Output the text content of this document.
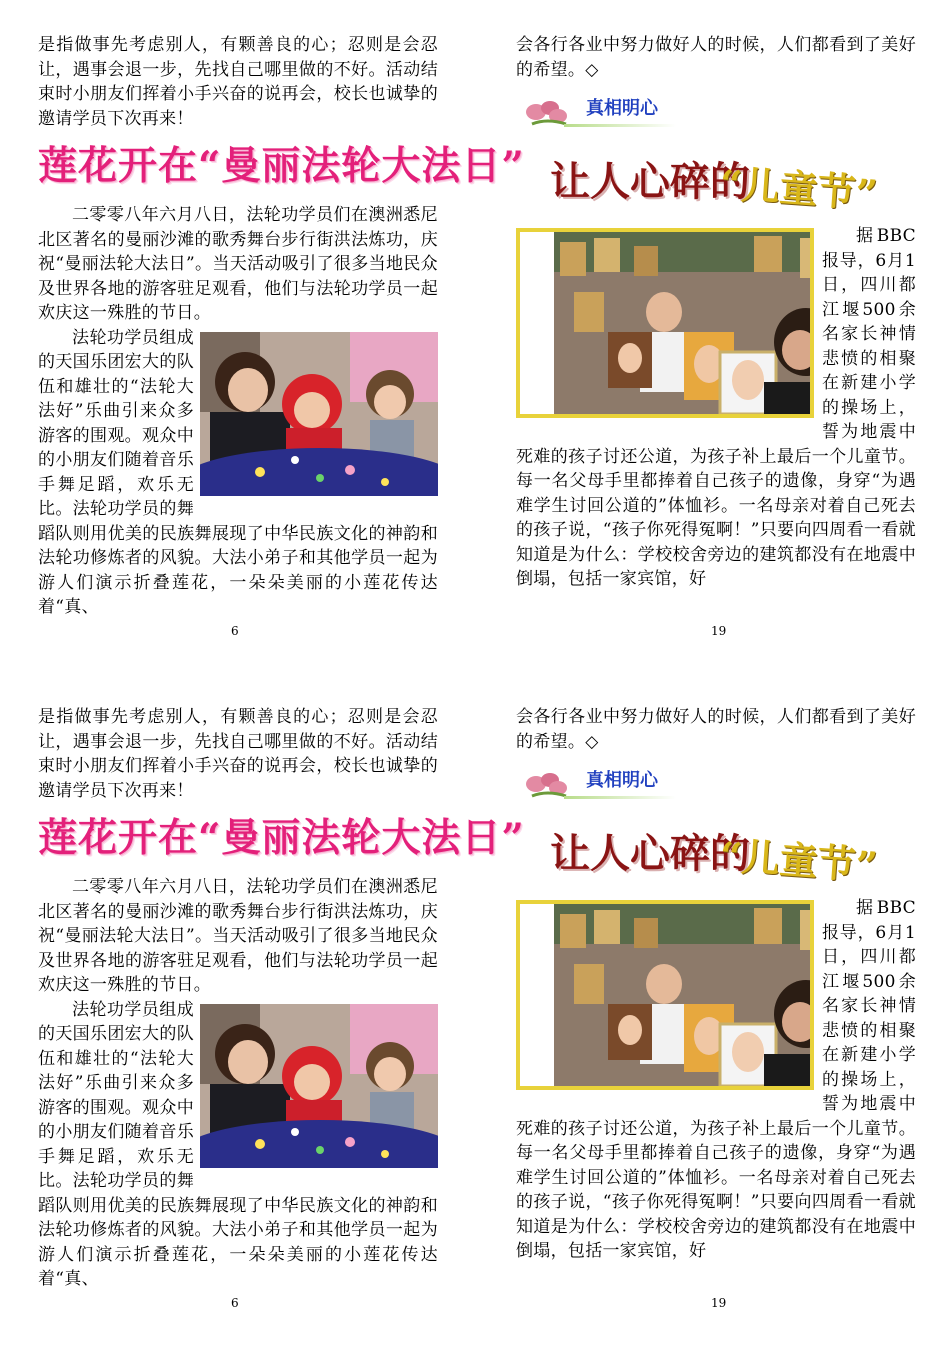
是指做事先考虑别人，有颗善良的心；忍则是会忍让，遇事会退一步，先找自己哪里做的不好。活动结束时小朋友们挥着小手兴奋的说再会，校长也诚挚的邀请学员下次再来！

莲花开在“曼丽法轮大法日”

二零零八年六月八日，法轮功学员们在澳洲悉尼北区著名的曼丽沙滩的歌秀舞台步行街洪法炼功，庆祝“曼丽法轮大法日”。当天活动吸引了很多当地民众及世界各地的游客驻足观看，他们与法轮功学员一起欢庆这一殊胜的节日。

法轮功学员组成的天国乐团宏大的队伍和雄壮的“法轮大法好”乐曲引来众多游客的围观。观众中的小朋友们随着音乐手舞足蹈，欢乐无比。法轮功学员的舞蹈队则用优美的民族舞展现了中华民族文化的神韵和法轮功修炼者的风貌。大法小弟子和其他学员一起为游人们演示折叠莲花，一朵朵美丽的小莲花传达着“真、

6

会各行各业中努力做好人的时候，人们都看到了美好的希望。◇

真相明心
让人心碎的
“儿童节”

据BBC报导，6月1日，四川都江堰500余名家长神情悲愤的相聚在新建小学的操场上，誓为地震中死难的孩子讨还公道，为孩子补上最后一个儿童节。每一名父母手里都捧着自己孩子的遗像，身穿“为遇难学生讨回公道的”体恤衫。一名母亲对着自己死去的孩子说，“孩子你死得冤啊！”只要向四周看一看就知道是为什么：学校校舍旁边的建筑都没有在地震中倒塌，包括一家宾馆，好

19

是指做事先考虑别人，有颗善良的心；忍则是会忍让，遇事会退一步，先找自己哪里做的不好。活动结束时小朋友们挥着小手兴奋的说再会，校长也诚挚的邀请学员下次再来！

莲花开在“曼丽法轮大法日”

二零零八年六月八日，法轮功学员们在澳洲悉尼北区著名的曼丽沙滩的歌秀舞台步行街洪法炼功，庆祝“曼丽法轮大法日”。当天活动吸引了很多当地民众及世界各地的游客驻足观看，他们与法轮功学员一起欢庆这一殊胜的节日。

法轮功学员组成的天国乐团宏大的队伍和雄壮的“法轮大法好”乐曲引来众多游客的围观。观众中的小朋友们随着音乐手舞足蹈，欢乐无比。法轮功学员的舞蹈队则用优美的民族舞展现了中华民族文化的神韵和法轮功修炼者的风貌。大法小弟子和其他学员一起为游人们演示折叠莲花，一朵朵美丽的小莲花传达着“真、

6

会各行各业中努力做好人的时候，人们都看到了美好的希望。◇

真相明心
让人心碎的
“儿童节”

据BBC报导，6月1日，四川都江堰500余名家长神情悲愤的相聚在新建小学的操场上，誓为地震中死难的孩子讨还公道，为孩子补上最后一个儿童节。每一名父母手里都捧着自己孩子的遗像，身穿“为遇难学生讨回公道的”体恤衫。一名母亲对着自己死去的孩子说，“孩子你死得冤啊！”只要向四周看一看就知道是为什么：学校校舍旁边的建筑都没有在地震中倒塌，包括一家宾馆，好

19
